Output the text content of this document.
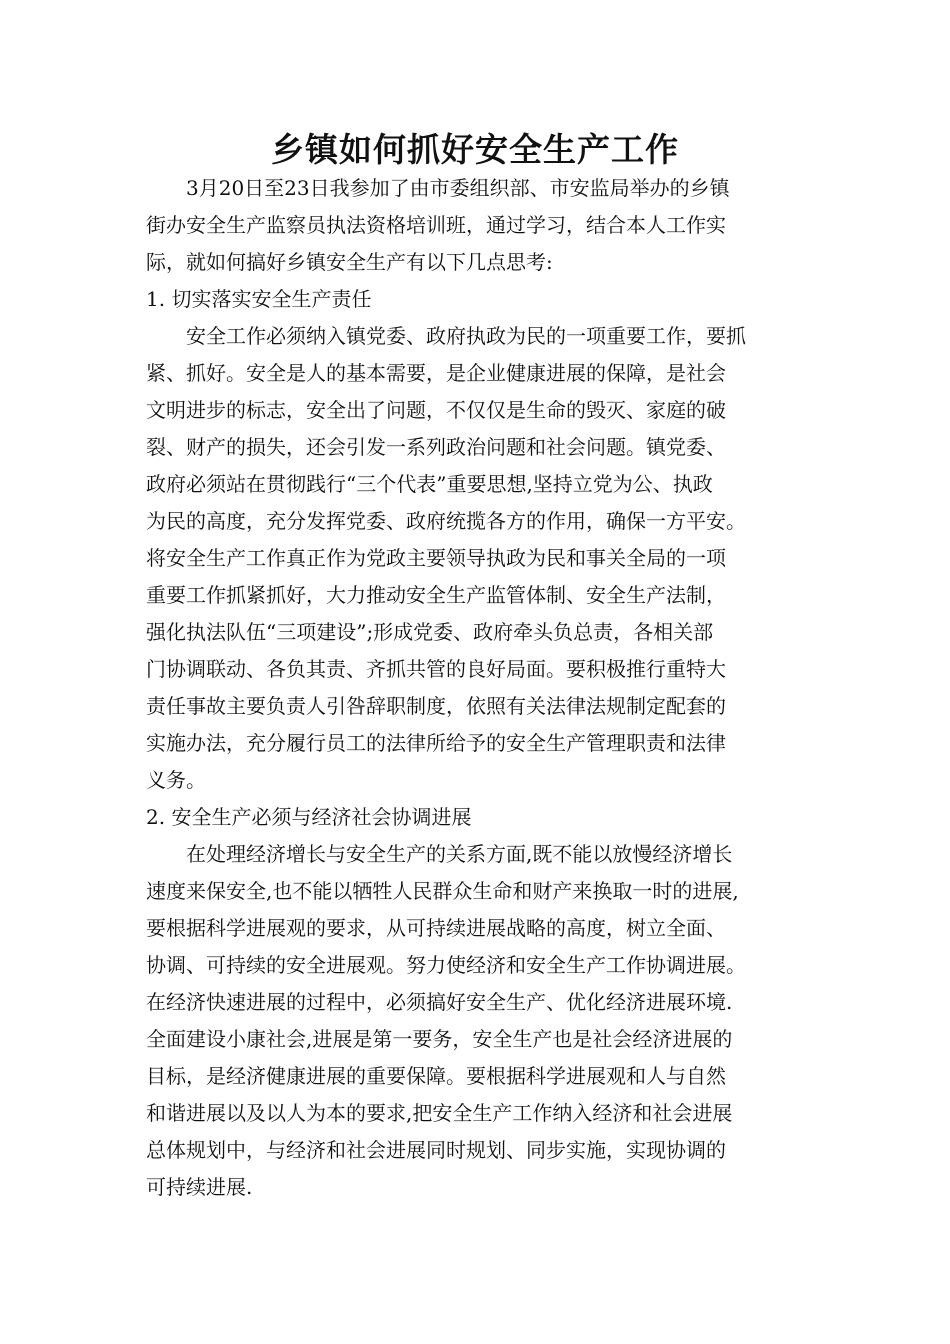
乡镇如何抓好安全生产工作

　　3月20日至23日我参加了由市委组织部、市安监局举办的乡镇

街办安全生产监察员执法资格培训班，通过学习，结合本人工作实

际，就如何搞好乡镇安全生产有以下几点思考:

1. 切实落实安全生产责任

　　安全工作必须纳入镇党委、政府执政为民的一项重要工作，要抓

紧、抓好。安全是人的基本需要，是企业健康进展的保障，是社会

文明进步的标志，安全出了问题，不仅仅是生命的毁灭、家庭的破

裂、财产的损失，还会引发一系列政治问题和社会问题。镇党委、

政府必须站在贯彻践行“三个代表”重要思想,坚持立党为公、执政

为民的高度，充分发挥党委、政府统揽各方的作用，确保一方平安。

将安全生产工作真正作为党政主要领导执政为民和事关全局的一项

重要工作抓紧抓好，大力推动安全生产监管体制、安全生产法制，

强化执法队伍“三项建设”;形成党委、政府牵头负总责，各相关部

门协调联动、各负其责、齐抓共管的良好局面。要积极推行重特大

责任事故主要负责人引咎辞职制度，依照有关法律法规制定配套的

实施办法，充分履行员工的法律所给予的安全生产管理职责和法律

义务。

2. 安全生产必须与经济社会协调进展

　　在处理经济增长与安全生产的关系方面,既不能以放慢经济增长

速度来保安全,也不能以牺牲人民群众生命和财产来换取一时的进展,

要根据科学进展观的要求，从可持续进展战略的高度，树立全面、

协调、可持续的安全进展观。努力使经济和安全生产工作协调进展。

在经济快速进展的过程中，必须搞好安全生产、优化经济进展环境.

全面建设小康社会,进展是第一要务，安全生产也是社会经济进展的

目标，是经济健康进展的重要保障。要根据科学进展观和人与自然

和谐进展以及以人为本的要求,把安全生产工作纳入经济和社会进展

总体规划中，与经济和社会进展同时规划、同步实施，实现协调的

可持续进展.
